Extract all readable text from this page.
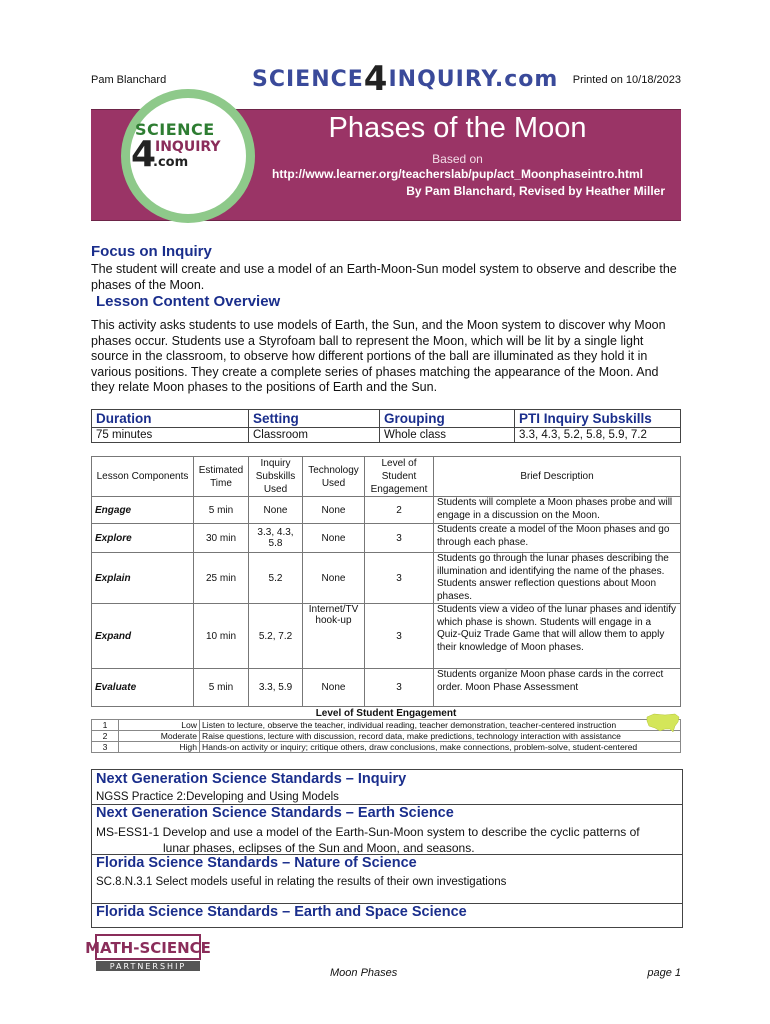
Pam Blanchard	Printed on 10/18/2023
SCIENCE4INQUIRY.com
SCIENCE
4
INQUIRY
.com
Phases of the Moon
Based on
http://www.learner.org/teacherslab/pup/act_Moonphaseintro.html
By Pam Blanchard, Revised by Heather Miller
Focus on Inquiry
The student will create and use a model of an Earth-Moon-Sun model system to observe and describe the phases of the Moon.
Lesson Content Overview
This activity asks students to use models of Earth, the Sun, and the Moon system to discover why Moon phases occur. Students use a Styrofoam ball to represent the Moon, which will be lit by a single light source in the classroom, to observe how different portions of the ball are illuminated as they hold it in various positions. They create a complete series of phases matching the appearance of the Moon. And they relate Moon phases to the positions of Earth and the Sun.
Duration	Setting	Grouping	PTI Inquiry Subskills
75 minutes	Classroom	Whole class	3.3, 4.3, 5.2, 5.8, 5.9, 7.2
Lesson Components	Estimated Time	Inquiry Subskills Used	Technology Used	Level of Student Engagement	Brief Description
Engage	5 min	None	None	2	Students will complete a Moon phases probe and will engage in a discussion on the Moon.
Explore	30 min	3.3, 4.3, 5.8	None	3	Students create a model of the Moon phases and go through each phase.
Explain	25 min	5.2	None	3	Students go through the lunar phases describing the illumination and identifying the name of the phases. Students answer reflection questions about Moon phases.
Expand	10 min	5.2, 7.2	Internet/TV hook-up	3	Students view a video of the lunar phases and identify which phase is shown. Students will engage in a Quiz-Quiz Trade Game that will allow them to apply their knowledge of Moon phases.
Evaluate	5 min	3.3, 5.9	None	3	Students organize Moon phase cards in the correct order. Moon Phase Assessment
Level of Student Engagement
1	Low	Listen to lecture, observe the teacher, individual reading, teacher demonstration, teacher-centered instruction
2	Moderate	Raise questions, lecture with discussion, record data, make predictions, technology interaction with assistance
3	High	Hands-on activity or inquiry; critique others, draw conclusions, make connections, problem-solve, student-centered
Next Generation Science Standards – Inquiry
NGSS Practice 2:Developing and Using Models
Next Generation Science Standards – Earth Science
MS-ESS1-1 Develop and use a model of the Earth-Sun-Moon system to describe the cyclic patterns of
lunar phases, eclipses of the Sun and Moon, and seasons.
Florida Science Standards – Nature of Science
SC.8.N.3.1 Select models useful in relating the results of their own investigations
Florida Science Standards – Earth and Space Science
MATH-SCIENCE
PARTNERSHIP
Moon Phases	page 1
